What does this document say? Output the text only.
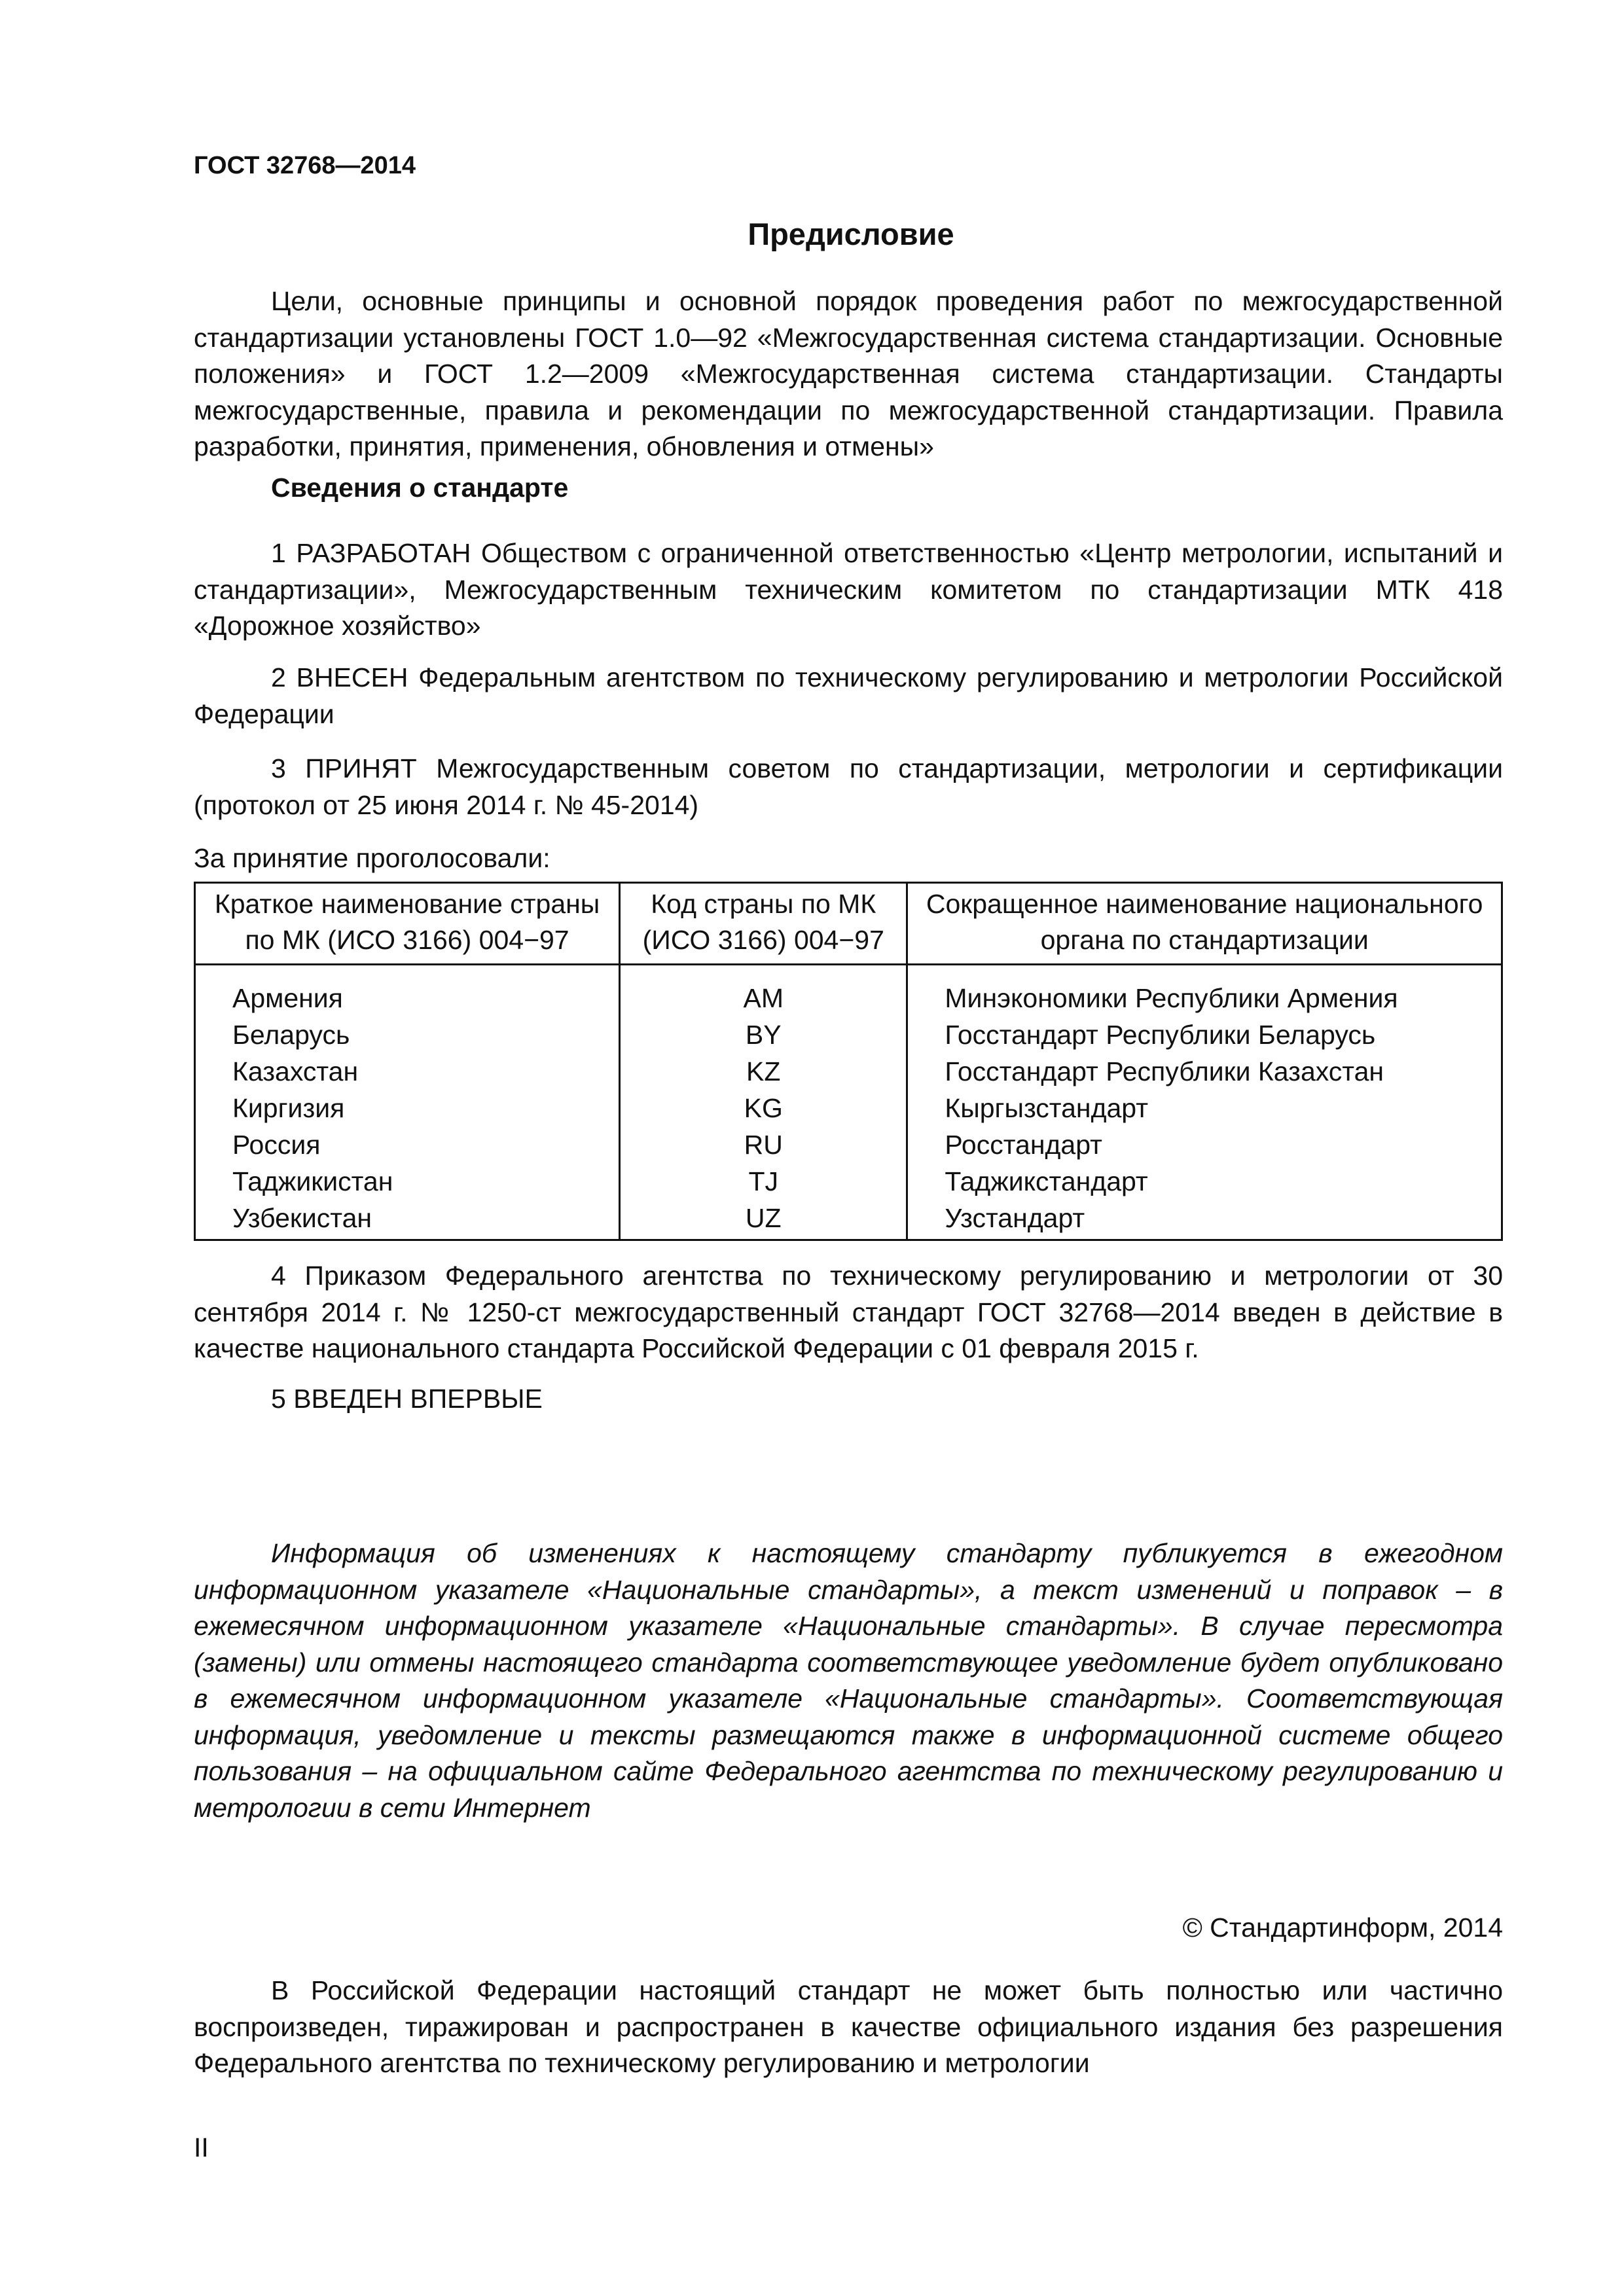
ГОСТ 32768—2014
Предисловие
Цели, основные принципы и основной порядок проведения работ по межгосударственной стандартизации установлены ГОСТ 1.0—92 «Межгосударственная система стандартизации. Основные положения» и ГОСТ 1.2—2009 «Межгосударственная система стандартизации. Стандарты межгосударственные, правила и рекомендации по межгосударственной стандартизации. Правила разработки, принятия, применения, обновления и отмены»
Сведения о стандарте
1 РАЗРАБОТАН Обществом с ограниченной ответственностью «Центр метрологии, испытаний и стандартизации», Межгосударственным техническим комитетом по стандартизации МТК 418 «Дорожное хозяйство»
2 ВНЕСЕН Федеральным агентством по техническому регулированию и метрологии Российской Федерации
3 ПРИНЯТ Межгосударственным советом по стандартизации, метрологии и сертификации (протокол от 25 июня 2014 г. № 45-2014)
За принятие проголосовали:
Краткое наименование страны по МК (ИСО 3166) 004−97	Код страны по МК (ИСО 3166) 004−97	Сокращенное наименование национального органа по стандартизации

Армения	AM	Минэкономики Республики Армения
Беларусь	BY	Госстандарт Республики Беларусь
Казахстан	KZ	Госстандарт Республики Казахстан
Киргизия	KG	Кыргызстандарт
Россия	RU	Росстандарт
Таджикистан	TJ	Таджикстандарт
Узбекистан	UZ	Узстандарт
4 Приказом Федерального агентства по техническому регулированию и метрологии от 30 сентября 2014 г. № 1250-ст межгосударственный стандарт ГОСТ 32768—2014 введен в действие в качестве национального стандарта Российской Федерации с 01 февраля 2015 г.
5 ВВЕДЕН ВПЕРВЫЕ
Информация об изменениях к настоящему стандарту публикуется в ежегодном информационном указателе «Национальные стандарты», а текст изменений и поправок – в ежемесячном информационном указателе «Национальные стандарты». В случае пересмотра (замены) или отмены настоящего стандарта соответствующее уведомление будет опубликовано в ежемесячном информационном указателе «Национальные стандарты». Соответствующая информация, уведомление и тексты размещаются также в информационной системе общего пользования – на официальном сайте Федерального агентства по техническому регулированию и метрологии в сети Интернет
© Стандартинформ, 2014
В Российской Федерации настоящий стандарт не может быть полностью или частично воспроизведен, тиражирован и распространен в качестве официального издания без разрешения Федерального агентства по техническому регулированию и метрологии
II
